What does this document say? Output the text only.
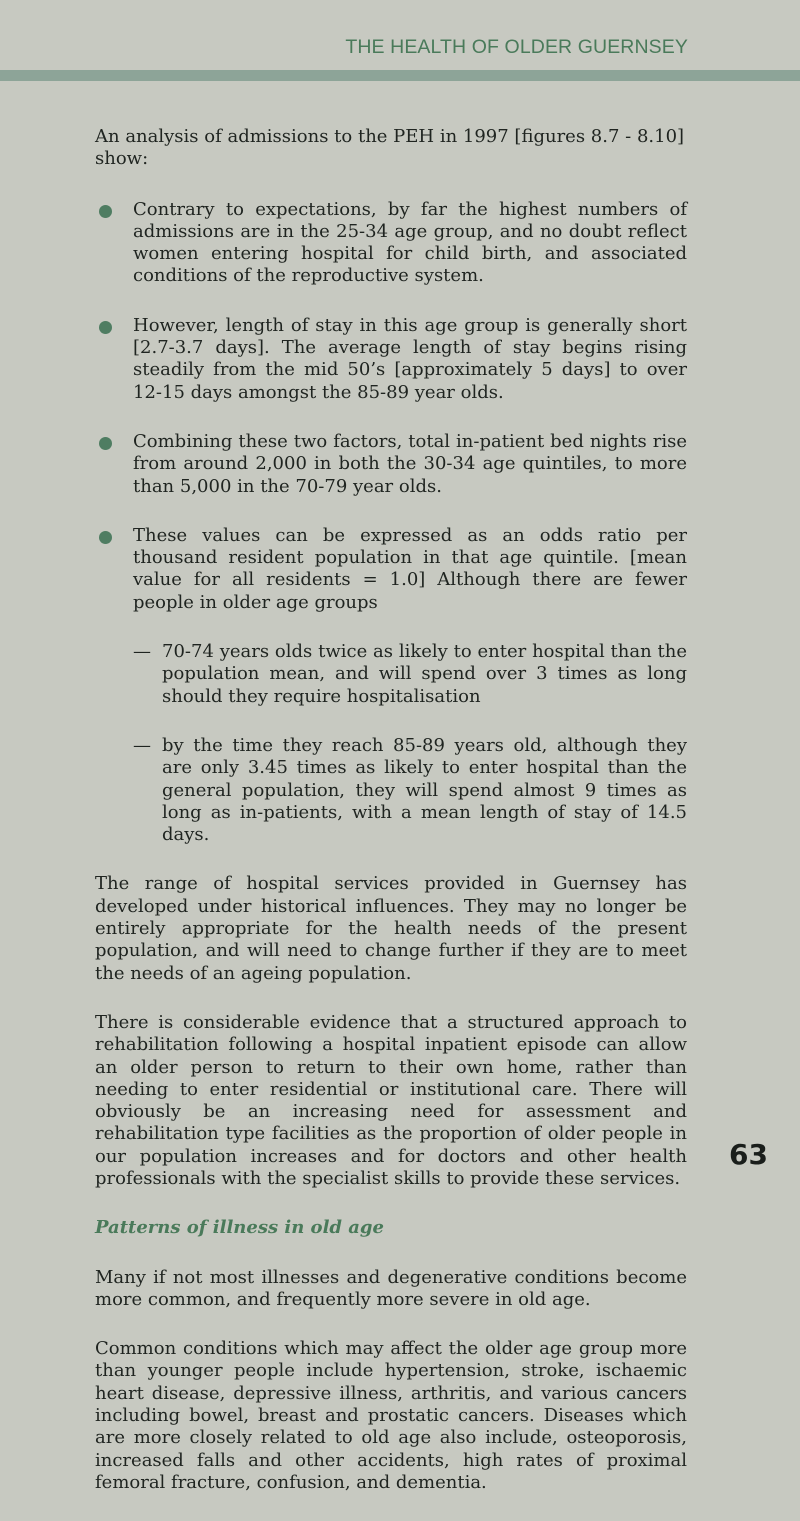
THE HEALTH OF OLDER GUERNSEY

An analysis of admissions to the PEH in 1997 [figures 8.7 - 8.10] show:

Contrary to expectations, by far the highest numbers of admissions are in the 25-34 age group, and no doubt reflect women entering hospital for child birth, and associated conditions of the reproductive system.
However, length of stay in this age group is generally short [2.7-3.7 days]. The average length of stay begins rising steadily from the mid 50’s [approximately 5 days] to over 12-15 days amongst the 85-89 year olds.
Combining these two factors, total in-patient bed nights rise from around 2,000 in both the 30-34 age quintiles, to more than 5,000 in the 70-79 year olds.
These values can be expressed as an odds ratio per thousand resident population in that age quintile. [mean value for all residents = 1.0] Although there are fewer people in older age groups
— 70-74 years olds twice as likely to enter hospital than the population mean, and will spend over 3 times as long should they require hospitalisation
— by the time they reach 85-89 years old, although they are only 3.45 times as likely to enter hospital than the general population, they will spend almost 9 times as long as in-patients, with a mean length of stay of 14.5 days.

The range of hospital services provided in Guernsey has developed under historical influences. They may no longer be entirely appropriate for the health needs of the present population, and will need to change further if they are to meet the needs of an ageing population.

There is considerable evidence that a structured approach to rehabilitation following a hospital inpatient episode can allow an older person to return to their own home, rather than needing to enter residential or institutional care. There will obviously be an increasing need for assessment and rehabilitation type facilities as the proportion of older people in our population increases and for doctors and other health professionals with the specialist skills to provide these services.

Patterns of illness in old age

Many if not most illnesses and degenerative conditions become more common, and frequently more severe in old age.

Common conditions which may affect the older age group more than younger people include hypertension, stroke, ischaemic heart disease, depressive illness, arthritis, and various cancers including bowel, breast and prostatic cancers. Diseases which are more closely related to old age also include, osteoporosis, increased falls and other accidents, high rates of proximal femoral fracture, confusion, and dementia.

63
